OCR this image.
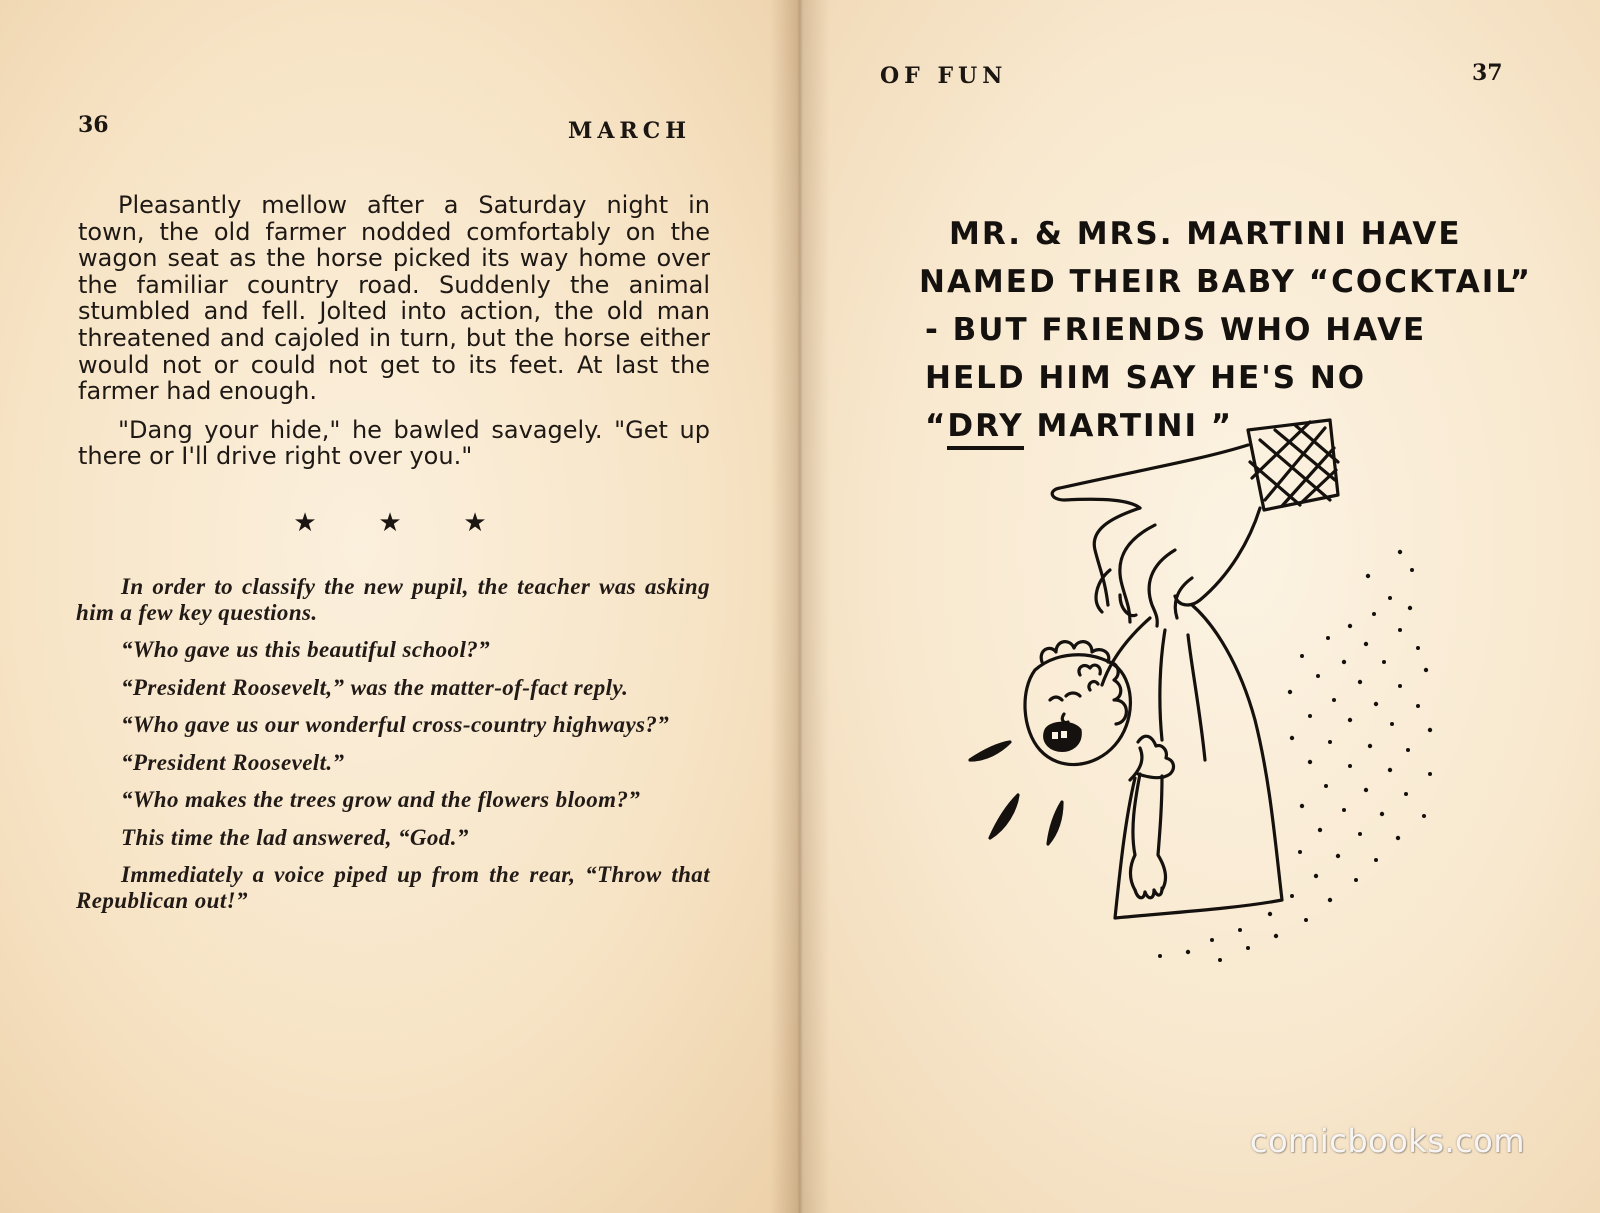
36	MARCH

Pleasantly mellow after a Saturday night in town, the old farmer nodded comfortably on the wagon seat as the horse picked its way home over the familiar country road. Suddenly the animal stumbled and fell. Jolted into action, the old man threatened and cajoled in turn, but the horse either would not or could not get to its feet. At last the farmer had enough.

"Dang your hide," he bawled savagely. "Get up there or I'll drive right over you."

★ ★ ★

In order to classify the new pupil, the teacher was asking him a few key questions.

“Who gave us this beautiful school?”

“President Roosevelt,” was the matter-of-fact reply.

“Who gave us our wonderful cross-country highways?”

“President Roosevelt.”

“Who makes the trees grow and the flowers bloom?”

This time the lad answered, “God.”

Immediately a voice piped up from the rear, “Throw that Republican out!”

OF FUN	37
MR. & MRS. MARTINI HAVE
NAMED THEIR BABY “COCKTAIL”
- BUT FRIENDS WHO HAVE
HELD HIM SAY HE'S NO
“DRY MARTINI ”
comicbooks.com
